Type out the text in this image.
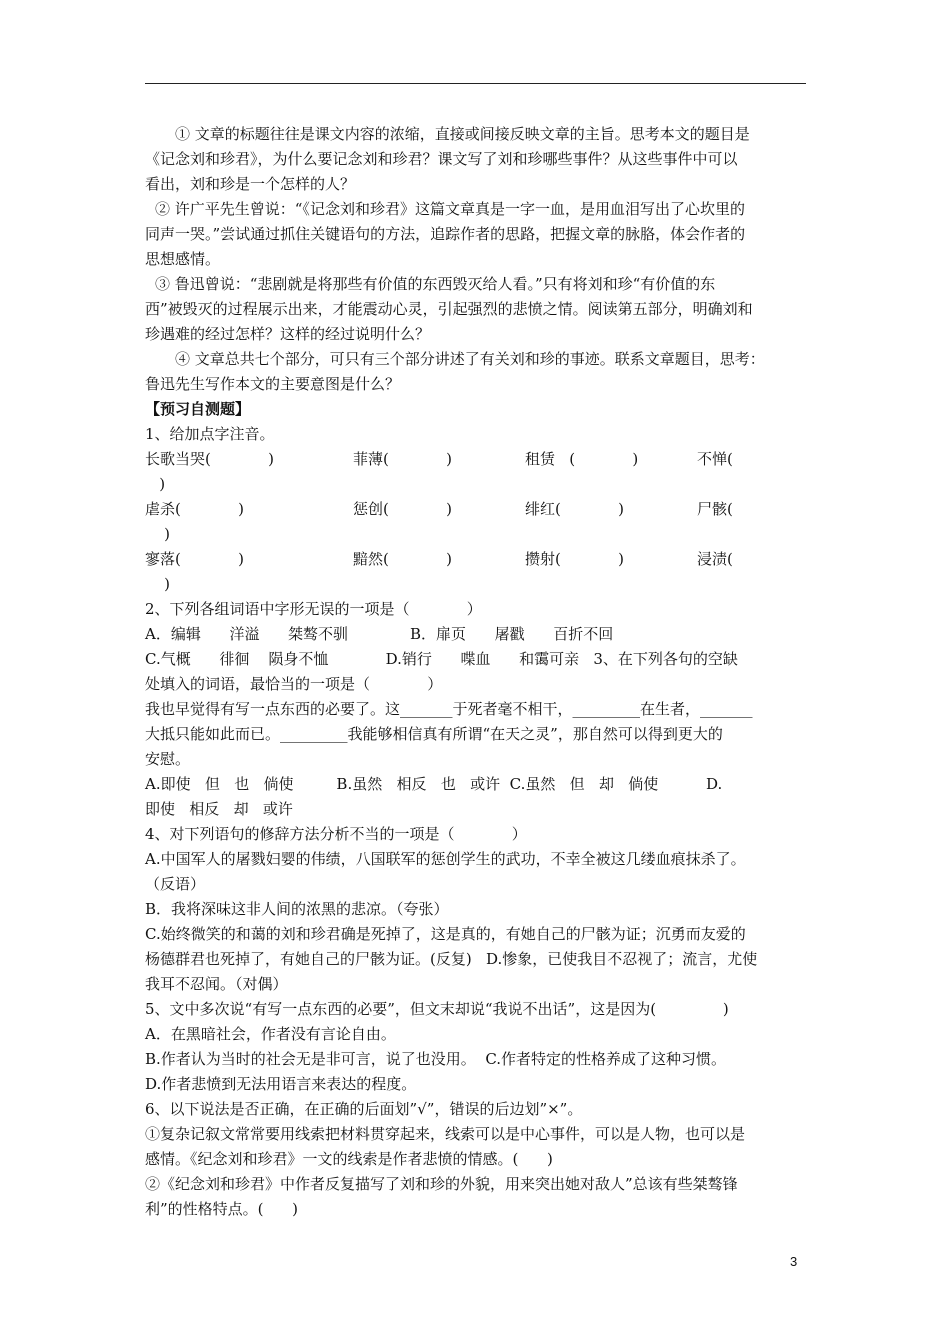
① 文章的标题往往是课文内容的浓缩，直接或间接反映文章的主旨。思考本文的题目是
《记念刘和珍君》，为什么要记念刘和珍君？课文写了刘和珍哪些事件？从这些事件中可以
看出，刘和珍是一个怎样的人？
② 许广平先生曾说：“《记念刘和珍君》这篇文章真是一字一血，是用血泪写出了心坎里的
同声一哭。”尝试通过抓住关键语句的方法，追踪作者的思路，把握文章的脉胳，体会作者的
思想感情。
③ 鲁迅曾说：“悲剧就是将那些有价值的东西毁灭给人看。”只有将刘和珍“有价值的东
西”被毁灭的过程展示出来，才能震动心灵，引起强烈的悲愤之情。阅读第五部分，明确刘和
珍遇难的经过怎样？这样的经过说明什么？
④ 文章总共七个部分，可只有三个部分讲述了有关刘和珍的事迹。联系文章题目，思考：
鲁迅先生写作本文的主要意图是什么？
【预习自测题】
1、给加点字注音。
长歌当哭(            )	菲薄(            )	租赁   (            )	不惮(
)
虐杀(            )	惩创(            )	绯红(            )	尸骸(
)
寥落(            )	黯然(            )	攒射(            )	浸渍(
)
2、下列各组词语中字形无误的一项是（            ）
A．编辑      洋溢      桀骜不驯             B．扉页      屠戳      百折不回
C.气概      徘徊    陨身不恤            D.销行      喋血      和霭可亲   3、在下列各句的空缺
处填入的词语，最恰当的一项是（            ）
我也早觉得有写一点东西的必要了。这_______于死者毫不相干，_________在生者，_______
大抵只能如此而已。_________我能够相信真有所谓“在天之灵”，那自然可以得到更大的
安慰。
A.即使   但   也   倘使         B.虽然   相反   也   或许  C.虽然   但   却   倘使          D.
即使   相反   却   或许
4、对下列语句的修辞方法分析不当的一项是（            ）
A.中国军人的屠戮妇婴的伟绩，八国联军的惩创学生的武功，不幸全被这几缕血痕抹杀了。
（反语）
B．我将深味这非人间的浓黑的悲凉。（夸张）
C.始终微笑的和蔼的刘和珍君确是死掉了，这是真的，有她自己的尸骸为证；沉勇而友爱的
杨德群君也死掉了，有她自己的尸骸为证。(反复)   D.惨象，已使我目不忍视了；流言，尤使
我耳不忍闻。（对偶）
5、文中多次说“有写一点东西的必要”，但文末却说“我说不出话”，这是因为(              )
A．在黑暗社会，作者没有言论自由。
B.作者认为当时的社会无是非可言，说了也没用。  C.作者特定的性格养成了这种习惯。
D.作者悲愤到无法用语言来表达的程度。
6、以下说法是否正确，在正确的后面划”√”，错误的后边划”×”。
①复杂记叙文常常要用线索把材料贯穿起来，线索可以是中心事件，可以是人物，也可以是
感情。《纪念刘和珍君》一文的线索是作者悲愤的情感。(      )
②《纪念刘和珍君》中作者反复描写了刘和珍的外貌，用来突出她对敌人”总该有些桀骜锋
利”的性格特点。(      )
3
